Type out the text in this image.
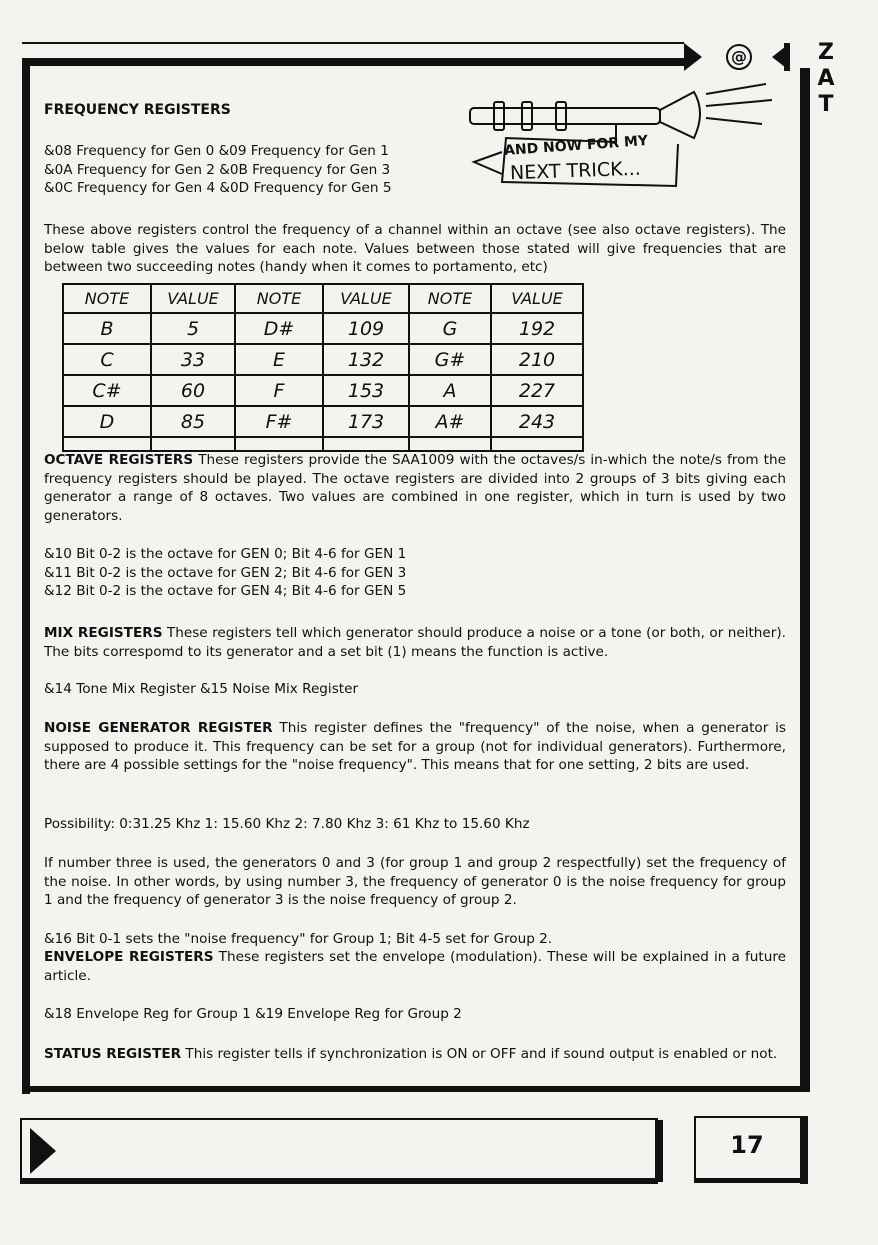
@	Z
A
T
AND NOW FOR MY
NEXT TRICK...
FREQUENCY REGISTERS
&08 Frequency for Gen 0 &09 Frequency for Gen 1
&0A Frequency for Gen 2 &0B Frequency for Gen 3
&0C Frequency for Gen 4 &0D Frequency for Gen 5
These above registers control the frequency of a channel within an octave (see also octave registers). The below table gives the values for each note. Values between those stated will give frequencies that are between two succeeding notes (handy when it comes to portamento, etc)
NOTE	VALUE	NOTE	VALUE	NOTE	VALUE
B	5	D#	109	G	192
C	33	E	132	G#	210
C#	60	F	153	A	227
D	85	F#	173	A#	243

OCTAVE REGISTERS These registers provide the SAA1009 with the octaves/s in-which the note/s from the frequency registers should be played. The octave registers are divided into 2 groups of 3 bits giving each generator a range of 8 octaves. Two values are combined in one register, which in turn is used by two generators.
&10 Bit 0-2 is the octave for GEN 0; Bit 4-6 for GEN 1
&11 Bit 0-2 is the octave for GEN 2; Bit 4-6 for GEN 3
&12 Bit 0-2 is the octave for GEN 4; Bit 4-6 for GEN 5
MIX REGISTERS These registers tell which generator should produce a noise or a tone (or both, or neither). The bits correspomd to its generator and a set bit (1) means the function is active.
&14 Tone Mix Register &15 Noise Mix Register
NOISE GENERATOR REGISTER This register defines the "frequency" of the noise, when a generator is supposed to produce it. This frequency can be set for a group (not for individual generators). Furthermore, there are 4 possible settings for the "noise frequency". This means that for one setting, 2 bits are used.
Possibility: 0:31.25 Khz 1: 15.60 Khz 2: 7.80 Khz 3: 61 Khz to 15.60 Khz
If number three is used, the generators 0 and 3 (for group 1 and group 2 respectfully) set the frequency of the noise. In other words, by using number 3, the frequency of generator 0 is the noise frequency for group 1 and the frequency of generator 3 is the noise frequency of group 2.
&16 Bit 0-1 sets the "noise frequency" for Group 1; Bit 4-5 set for Group 2.
ENVELOPE REGISTERS These registers set the envelope (modulation). These will be explained in a future article.
&18 Envelope Reg for Group 1 &19 Envelope Reg for Group 2
STATUS REGISTER This register tells if synchronization is ON or OFF and if sound output is enabled or not.
17
